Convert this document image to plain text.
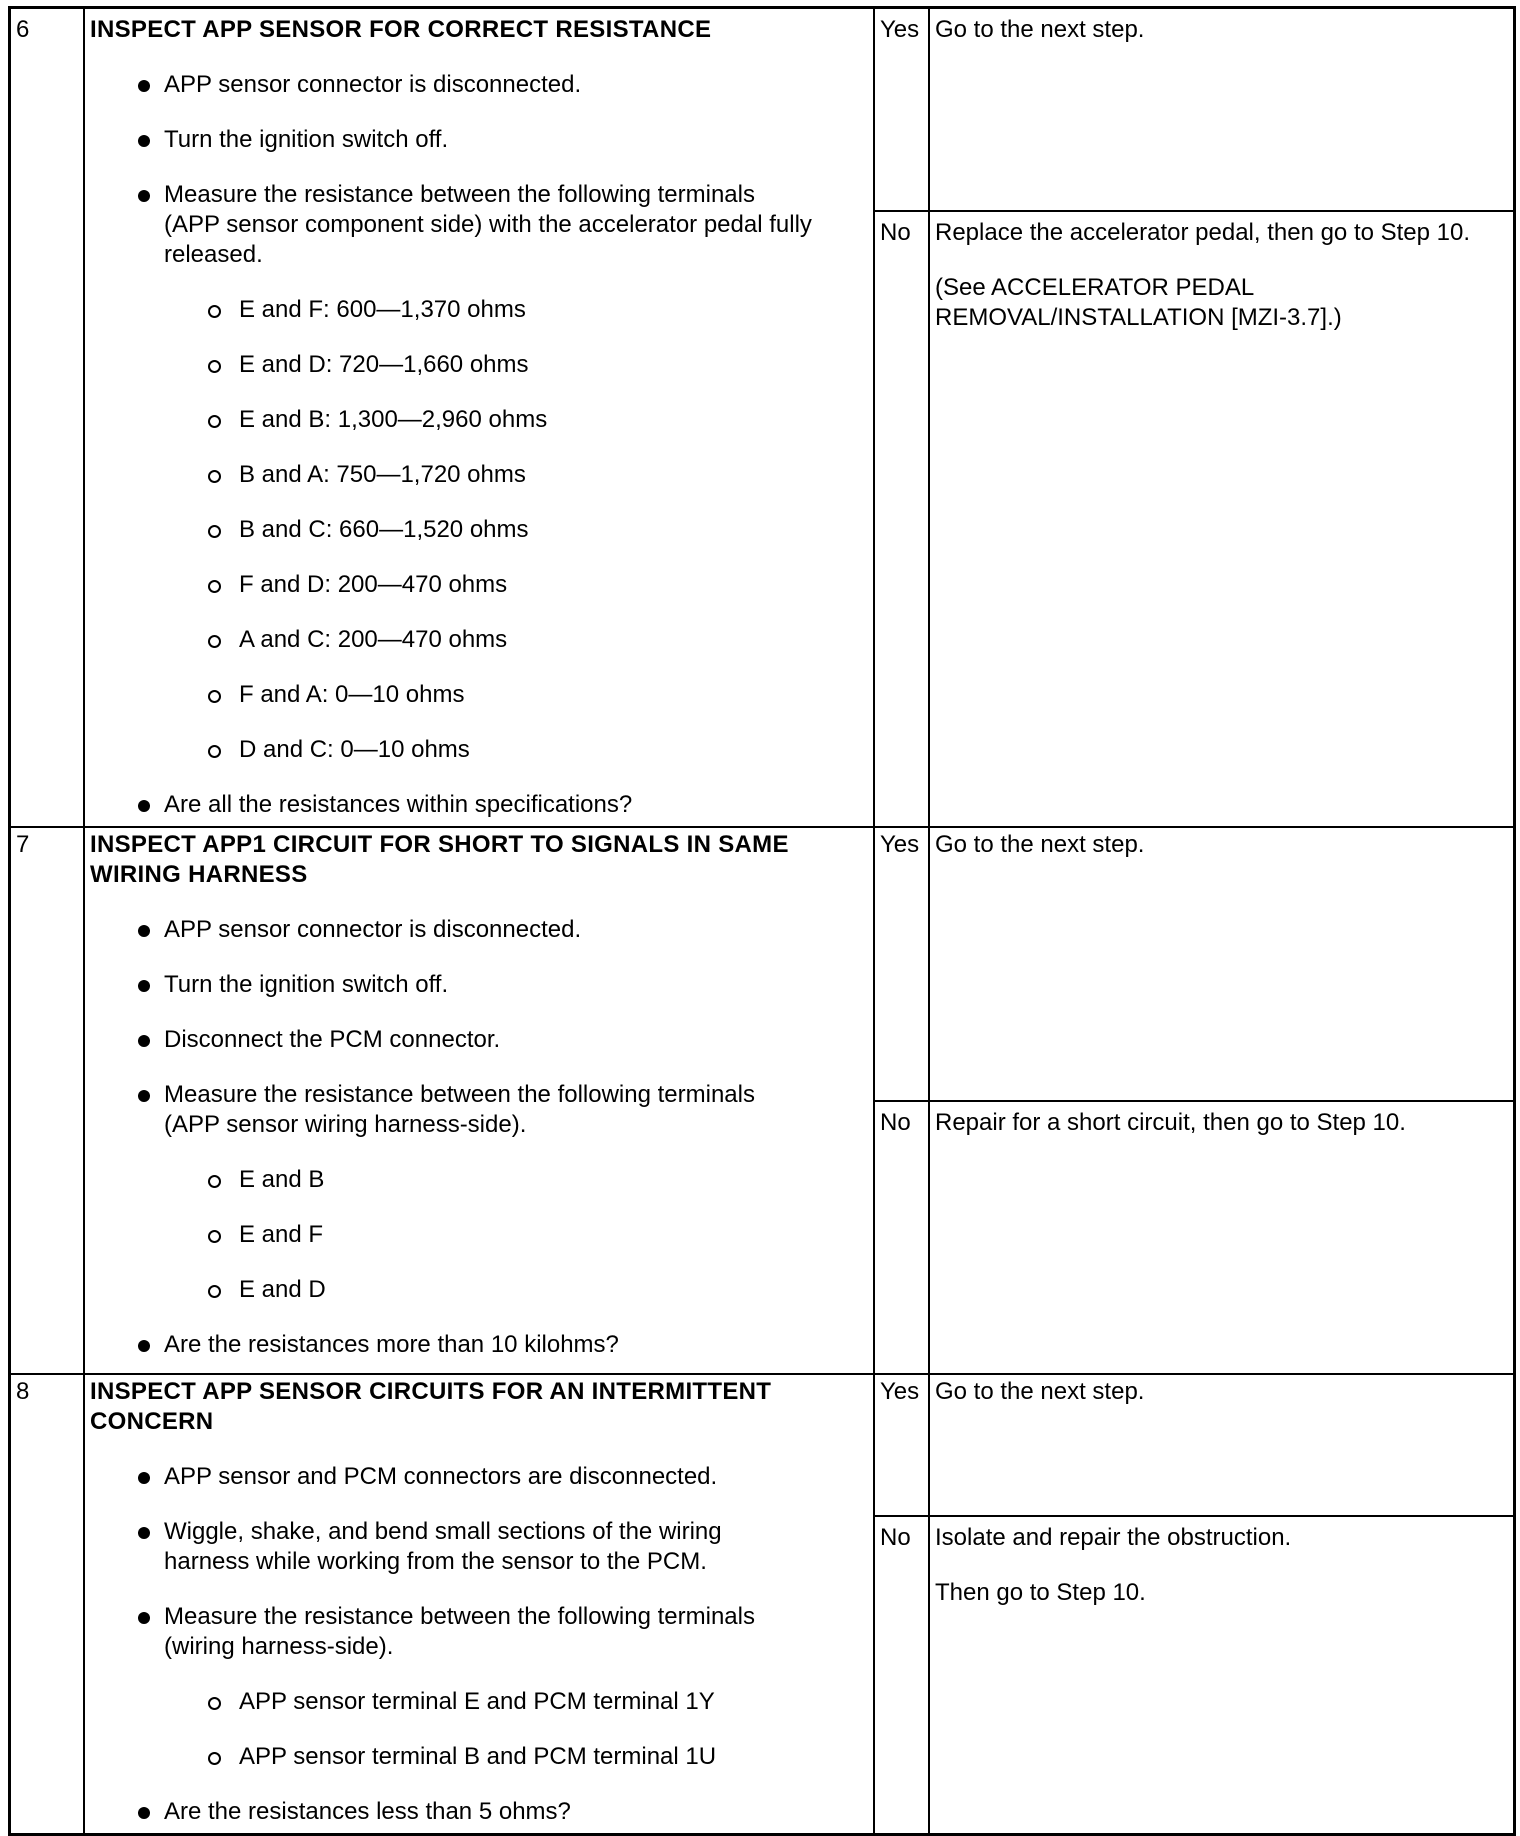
6	INSPECT APP SENSOR FOR CORRECT RESISTANCE
APP sensor connector is disconnected.
Turn the ignition switch off.
Measure the resistance between the following terminals
(APP sensor component side) with the accelerator pedal fully
released.
E and F: 600—1,370 ohms
E and D: 720—1,660 ohms
E and B: 1,300—2,960 ohms
B and A: 750—1,720 ohms
B and C: 660—1,520 ohms
F and D: 200—470 ohms
A and C: 200—470 ohms
F and A: 0—10 ohms
D and C: 0—10 ohms
Are all the resistances within specifications?
Yes Go to the next step.
No Replace the accelerator pedal, then go to Step 10.
(See ACCELERATOR PEDAL
REMOVAL/INSTALLATION [MZI-3.7].)
7	INSPECT APP1 CIRCUIT FOR SHORT TO SIGNALS IN SAME
WIRING HARNESS
APP sensor connector is disconnected.
Turn the ignition switch off.
Disconnect the PCM connector.
Measure the resistance between the following terminals
(APP sensor wiring harness-side).
E and B
E and F
E and D
Are the resistances more than 10 kilohms?
Yes Go to the next step.
No Repair for a short circuit, then go to Step 10.
8	INSPECT APP SENSOR CIRCUITS FOR AN INTERMITTENT
CONCERN
APP sensor and PCM connectors are disconnected.
Wiggle, shake, and bend small sections of the wiring
harness while working from the sensor to the PCM.
Measure the resistance between the following terminals
(wiring harness-side).
APP sensor terminal E and PCM terminal 1Y
APP sensor terminal B and PCM terminal 1U
Are the resistances less than 5 ohms?
Yes Go to the next step.
No Isolate and repair the obstruction.
Then go to Step 10.
